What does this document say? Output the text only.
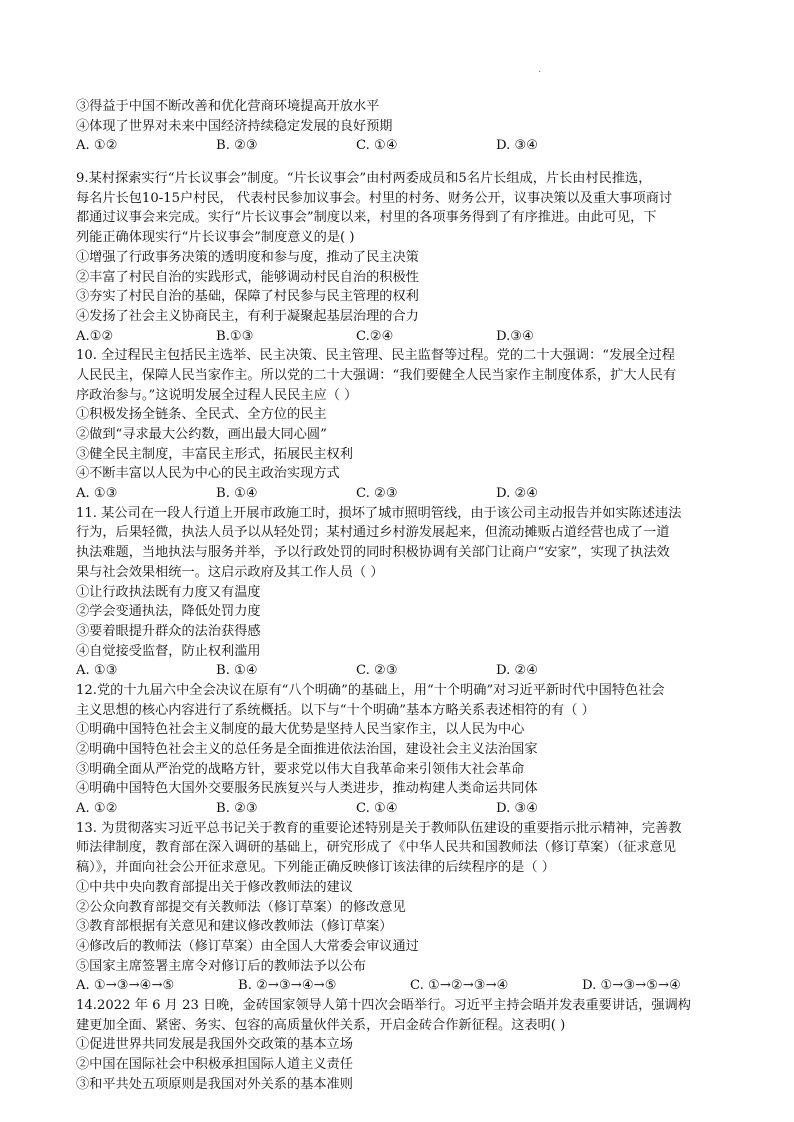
·
③得益于中国不断改善和优化营商环境提高开放水平
④体现了世界对未来中国经济持续稳定发展的良好预期
A. ①②	B. ②③	C. ①④	D. ③④
9.某村探索实行“片长议事会”制度。“片长议事会”由村两委成员和5名片长组成，片长由村民推选，
每名片长包10-15户村民， 代表村民参加议事会。村里的村务、财务公开，议事决策以及重大事项商讨
都通过议事会来完成。实行“片长议事会”制度以来，村里的各项事务得到了有序推进。由此可见，下
列能正确体现实行“片长议事会”制度意义的是( )
①增强了行政事务决策的透明度和参与度，推动了民主决策
②丰富了村民自治的实践形式，能够调动村民自治的积极性
③夯实了村民自治的基础，保障了村民参与民主管理的权利
④发扬了社会主义协商民主，有利于凝聚起基层治理的合力
A.①②	B.①③	C.②④	D.③④
10. 全过程民主包括民主选举、民主决策、民主管理、民主监督等过程。党的二十大强调：“发展全过程
人民民主，保障人民当家作主。所以党的二十大强调：“我们要健全人民当家作主制度体系，扩大人民有
序政治参与。”这说明发展全过程人民民主应（ ）
①积极发扬全链条、全民式、全方位的民主
②做到“寻求最大公约数，画出最大同心圆”
③健全民主制度，丰富民主形式，拓展民主权利
④不断丰富以人民为中心的民主政治实现方式
A. ①③	B. ①④	C. ②③	D. ②④
11. 某公司在一段人行道上开展市政施工时，损坏了城市照明管线，由于该公司主动报告并如实陈述违法
行为，后果轻微，执法人员予以从轻处罚；某村通过乡村游发展起来，但流动摊贩占道经营也成了一道
执法难题，当地执法与服务并举，予以行政处罚的同时积极协调有关部门让商户“安家”，实现了执法效
果与社会效果相统一。这启示政府及其工作人员（ ）
①让行政执法既有力度又有温度
②学会变通执法，降低处罚力度
③要着眼提升群众的法治获得感
④自觉接受监督，防止权利滥用
A. ①③	B. ①④	C. ②③	D. ②④
12.党的十九届六中全会决议在原有“八个明确”的基础上，用“十个明确”对习近平新时代中国特色社会
主义思想的核心内容进行了系统概括。以下与“十个明确”基本方略关系表述相符的有（ ）
①明确中国特色社会主义制度的最大优势是坚持人民当家作主，以人民为中心
②明确中国特色社会主义的总任务是全面推进依法治国，建设社会主义法治国家
③明确全面从严治党的战略方针，要求党以伟大自我革命来引领伟大社会革命
④明确中国特色大国外交要服务民族复兴与人类进步，推动构建人类命运共同体
A. ①②	B. ②③	C. ①④	D. ③④
13. 为贯彻落实习近平总书记关于教育的重要论述特别是关于教师队伍建设的重要指示批示精神，完善教
师法律制度，教育部在深入调研的基础上，研究形成了《中华人民共和国教师法（修订草案）（征求意见
稿）》，并面向社会公开征求意见。下列能正确反映修订该法律的后续程序的是（ ）
①中共中央向教育部提出关于修改教师法的建议
②公众向教育部提交有关教师法（修订草案）的修改意见
③教育部根据有关意见和建议修改教师法（修订草案）
④修改后的教师法（修订草案）由全国人大常委会审议通过
⑤国家主席签署主席令对修订后的教师法予以公布
A. ①→③→④→⑤	B. ②→③→④→⑤	C. ①→②→③→④	D. ①→③→⑤→④
14.2022 年 6 月 23 日晚，金砖国家领导人第十四次会晤举行。习近平主持会晤并发表重要讲话，强调构
建更加全面、紧密、务实、包容的高质量伙伴关系，开启金砖合作新征程。这表明( )
①促进世界共同发展是我国外交政策的基本立场
②中国在国际社会中积极承担国际人道主义责任
③和平共处五项原则是我国对外关系的基本准则
